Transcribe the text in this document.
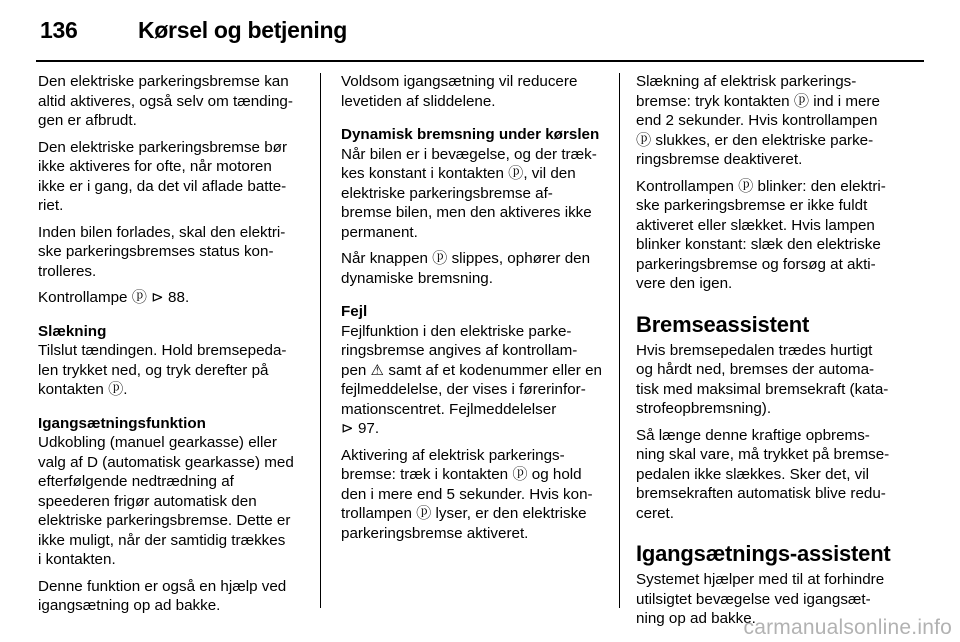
136	Kørsel og betjening

Den elektriske parkeringsbremse kan
altid aktiveres, også selv om tænding-
gen er afbrudt.

Den elektriske parkeringsbremse bør
ikke aktiveres for ofte, når motoren
ikke er i gang, da det vil aflade batte-
riet.

Inden bilen forlades, skal den elektri-
ske parkeringsbremses status kon-
trolleres.

Kontrollampe ⓟ ⊳ 88.

Slækning

Tilslut tændingen. Hold bremsepeda-
len trykket ned, og tryk derefter på
kontakten ⓟ.

Igangsætningsfunktion

Udkobling (manuel gearkasse) eller
valg af D (automatisk gearkasse) med
efterfølgende nedtrædning af
speederen frigør automatisk den
elektriske parkeringsbremse. Dette er
ikke muligt, når der samtidig trækkes
i kontakten.

Denne funktion er også en hjælp ved
igangsætning op ad bakke.

Voldsom igangsætning vil reducere
levetiden af sliddelene.

Dynamisk bremsning under kørslen

Når bilen er i bevægelse, og der træk-
kes konstant i kontakten ⓟ, vil den
elektriske parkeringsbremse af-
bremse bilen, men den aktiveres ikke
permanent.

Når knappen ⓟ slippes, ophører den
dynamiske bremsning.

Fejl

Fejlfunktion i den elektriske parke-
ringsbremse angives af kontrollam-
pen ⚠ samt af et kodenummer eller en
fejlmeddelelse, der vises i førerinfor-
mationscentret. Fejlmeddelelser
⊳ 97.

Aktivering af elektrisk parkerings-
bremse: træk i kontakten ⓟ og hold
den i mere end 5 sekunder. Hvis kon-
trollampen ⓟ lyser, er den elektriske
parkeringsbremse aktiveret.

Slækning af elektrisk parkerings-
bremse: tryk kontakten ⓟ ind i mere
end 2 sekunder. Hvis kontrollampen
ⓟ slukkes, er den elektriske parke-
ringsbremse deaktiveret.

Kontrollampen ⓟ blinker: den elektri-
ske parkeringsbremse er ikke fuldt
aktiveret eller slækket. Hvis lampen
blinker konstant: slæk den elektriske
parkeringsbremse og forsøg at akti-
vere den igen.

Bremseassistent

Hvis bremsepedalen trædes hurtigt
og hårdt ned, bremses der automa-
tisk med maksimal bremsekraft (kata-
strofeopbremsning).

Så længe denne kraftige opbrems-
ning skal vare, må trykket på bremse-
pedalen ikke slækkes. Sker det, vil
bremsekraften automatisk blive redu-
ceret.

Igangsætnings-assistent

Systemet hjælper med til at forhindre
utilsigtet bevægelse ved igangsæt-
ning op ad bakke.

carmanualsonline.info
